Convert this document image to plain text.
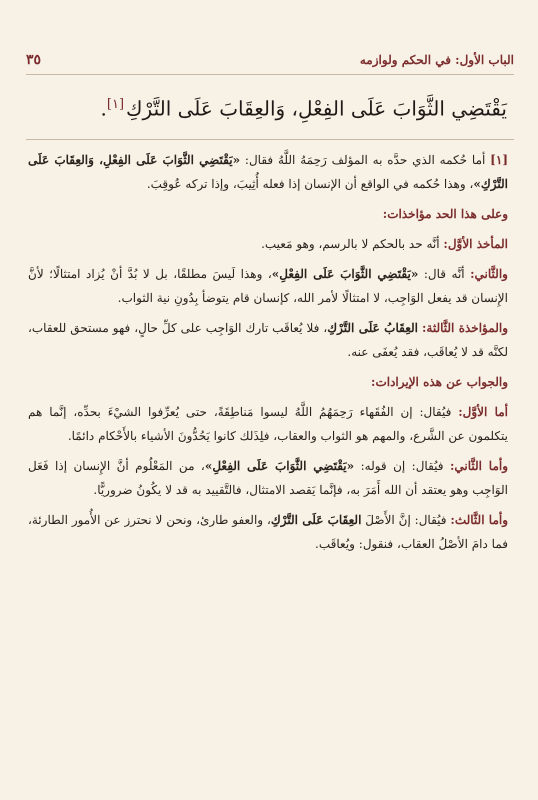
الباب الأول: في الحكم ولوازمه
٣٥
يَقْتَضِي الثَّوَابَ عَلَى الفِعْلِ، وَالعِقَابَ عَلَى التَّرْكِ[١].

[١] أما حُكمه الذي حدَّه به المؤلف رَحِمَهُ اللَّهُ فقال: «يَقْتَضِي الثَّوَابَ عَلَى الفِعْلِ، وَالعِقَابَ عَلَى التَّرْكِ»، وهذا حُكمه في الواقع أن الإنسان إذا فعله أُثِيبَ، وإذا تركه عُوقِبَ.

وعلى هذا الحد مؤاخذات:

المأخذ الأوَّل: أنَّه حد بالحكم لا بالرسم، وهو مَعيب.

والثَّاني: أنَّه قال: «يَقْتَضِي الثَّوَابَ عَلَى الفِعْلِ»، وهذا لَيسَ مطلقًا، بل لا بُدَّ أنْ يُزاد امتثالًا؛ لأنَّ الإِنسان قد يفعل الوَاجِب، لا امتثالًا لأمر الله، كإنسان قام يتوضأ بِدُونِ نية الثواب.

والمؤاخذة الثَّالثة: العِقَابُ عَلَى التَّرْكِ، فلا يُعاقَب تارك الوَاجِب على كلِّ حالٍ، فهو مستحق للعقاب، لكنَّه قد لا يُعاقَب، فقد يُعفَى عنه.

والجواب عن هذه الإيرادات:

أما الأوَّل: فيُقال: إن الفُقَهاء رَحِمَهُمُ اللَّهُ ليسوا مَناطِقَةً، حتى يُعرِّفوا الشيْءَ بحدِّه، إنَّما هم يتكلمون عن الشَّرع، والمهم هو الثواب والعقاب، فلِذَلك كانوا يَحُدُّونَ الأشياء بالأَحْكام دائمًا.

وأما الثَّاني: فيُقال: إن قوله: «يَقْتَضِي الثَّوَابَ عَلَى الفِعْلِ»، من المَعْلُوم أنَّ الإِنسان إذا فَعَل الوَاجِب وهو يعتقد أن الله أَمَرَ به، فإنَّما يَقصد الامتثال، فالتَّقييد به قد لا يكُونُ ضروريًّا.

وأما الثَّالث: فيُقال: إنَّ الأَصْلَ العِقَابَ عَلَى التَّرْكِ، والعفو طارئ، ونحن لا نحترز عن الأُمور الطارئة، فما دامَ الأصْلُ العقاب، فنقول: ويُعاقَب.
